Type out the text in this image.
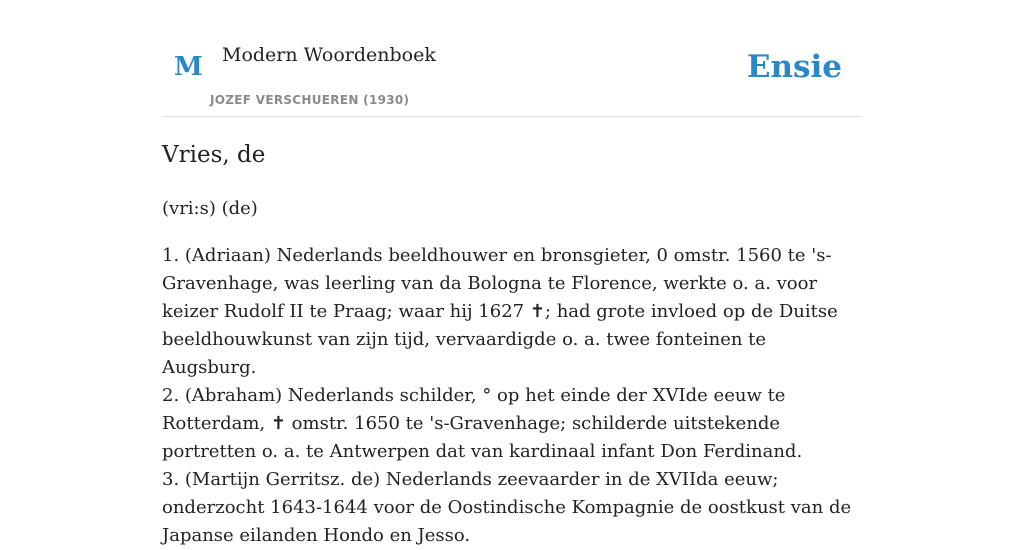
M Modern Woordenboek
JOZEF VERSCHUEREN (1930)
Ensie
Vries, de
(vri:s) (de)

1. (Adriaan) Nederlands beeldhouwer en bronsgieter, 0 omstr. 1560 te 's-Gravenhage, was leerling van da Bologna te Florence, werkte o. a. voor keizer Rudolf II te Praag; waar hij 1627 ✝; had grote invloed op de Duitse beeldhouwkunst van zijn tijd, vervaardigde o. a. twee fonteinen te Augsburg.

2. (Abraham) Nederlands schilder, ° op het einde der XVIde eeuw te Rotterdam, ✝ omstr. 1650 te 's-Gravenhage; schilderde uitstekende portretten o. a. te Antwerpen dat van kardinaal infant Don Ferdinand.

3. (Martijn Gerritsz. de) Nederlands zeevaarder in de XVIIda eeuw; onderzocht 1643-1644 voor de Oostindische Kompagnie de oostkust van de Japanse eilanden Hondo en Jesso.
